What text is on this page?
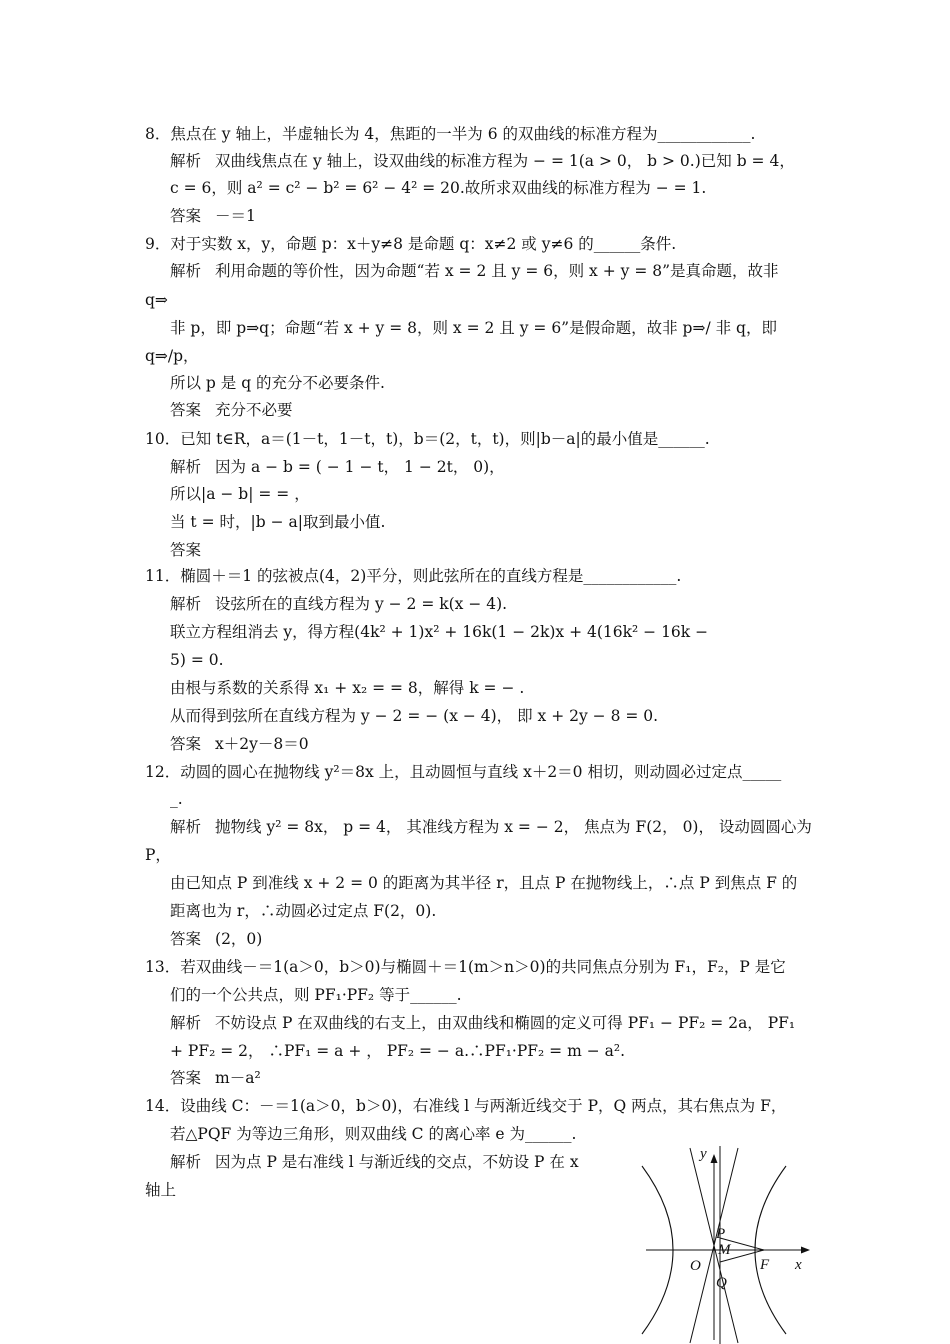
8．焦点在 y 轴上，半虚轴长为 4，焦距的一半为 6 的双曲线的标准方程为____________.
解析 双曲线焦点在 y 轴上，设双曲线的标准方程为 − = 1(a > 0， b > 0.)已知 b = 4，
c = 6，则 a² = c² − b² = 6² − 4² = 20.故所求双曲线的标准方程为 − = 1.
答案 －＝1
9．对于实数 x，y，命题 p：x＋y≠8 是命题 q：x≠2 或 y≠6 的______条件.
解析 利用命题的等价性，因为命题“若 x = 2 且 y = 6，则 x + y = 8”是真命题，故非
q⇒
非 p，即 p⇒q；命题“若 x + y = 8，则 x = 2 且 y = 6”是假命题，故非 p⇒/ 非 q，即
q⇒/p，
所以 p 是 q 的充分不必要条件.
答案 充分不必要
10．已知 t∈R，a＝(1－t，1－t，t)，b＝(2，t，t)，则|b－a|的最小值是______.
解析 因为 a − b = ( − 1 − t， 1 − 2t， 0)，
所以|a − b| = = ，
当 t = 时，|b − a|取到最小值.
答案
11．椭圆＋＝1 的弦被点(4，2)平分，则此弦所在的直线方程是____________.
解析 设弦所在的直线方程为 y − 2 = k(x − 4).
联立方程组消去 y，得方程(4k² + 1)x² + 16k(1 − 2k)x + 4(16k² − 16k −
5) = 0.
由根与系数的关系得 x₁ + x₂ = = 8，解得 k = − .
从而得到弦所在直线方程为 y − 2 = − (x − 4)， 即 x + 2y − 8 = 0.
答案 x＋2y－8＝0
12．动圆的圆心在抛物线 y²＝8x 上，且动圆恒与直线 x＋2＝0 相切，则动圆必过定点_____
_.
解析 抛物线 y² = 8x， p = 4， 其准线方程为 x = − 2， 焦点为 F(2， 0)， 设动圆圆心为
P，
由已知点 P 到准线 x + 2 = 0 的距离为其半径 r，且点 P 在抛物线上，∴点 P 到焦点 F 的
距离也为 r，∴动圆必过定点 F(2，0).
答案 (2，0)
13．若双曲线－＝1(a＞0，b＞0)与椭圆＋＝1(m＞n＞0)的共同焦点分别为 F₁，F₂，P 是它
们的一个公共点，则 PF₁·PF₂ 等于______.
解析 不妨设点 P 在双曲线的右支上，由双曲线和椭圆的定义可得 PF₁ − PF₂ = 2a， PF₁
+ PF₂ = 2， ∴PF₁ = a + ， PF₂ = − a.∴PF₁·PF₂ = m − a².
答案 m－a²
14．设曲线 C：－＝1(a＞0，b＞0)，右准线 l 与两渐近线交于 P，Q 两点，其右焦点为 F，
若△PQF 为等边三角形，则双曲线 C 的离心率 e 为______.
解析 因为点 P 是右准线 l 与渐近线的交点，不妨设 P 在 x
轴上
y
x
P
M
O	F
Q
